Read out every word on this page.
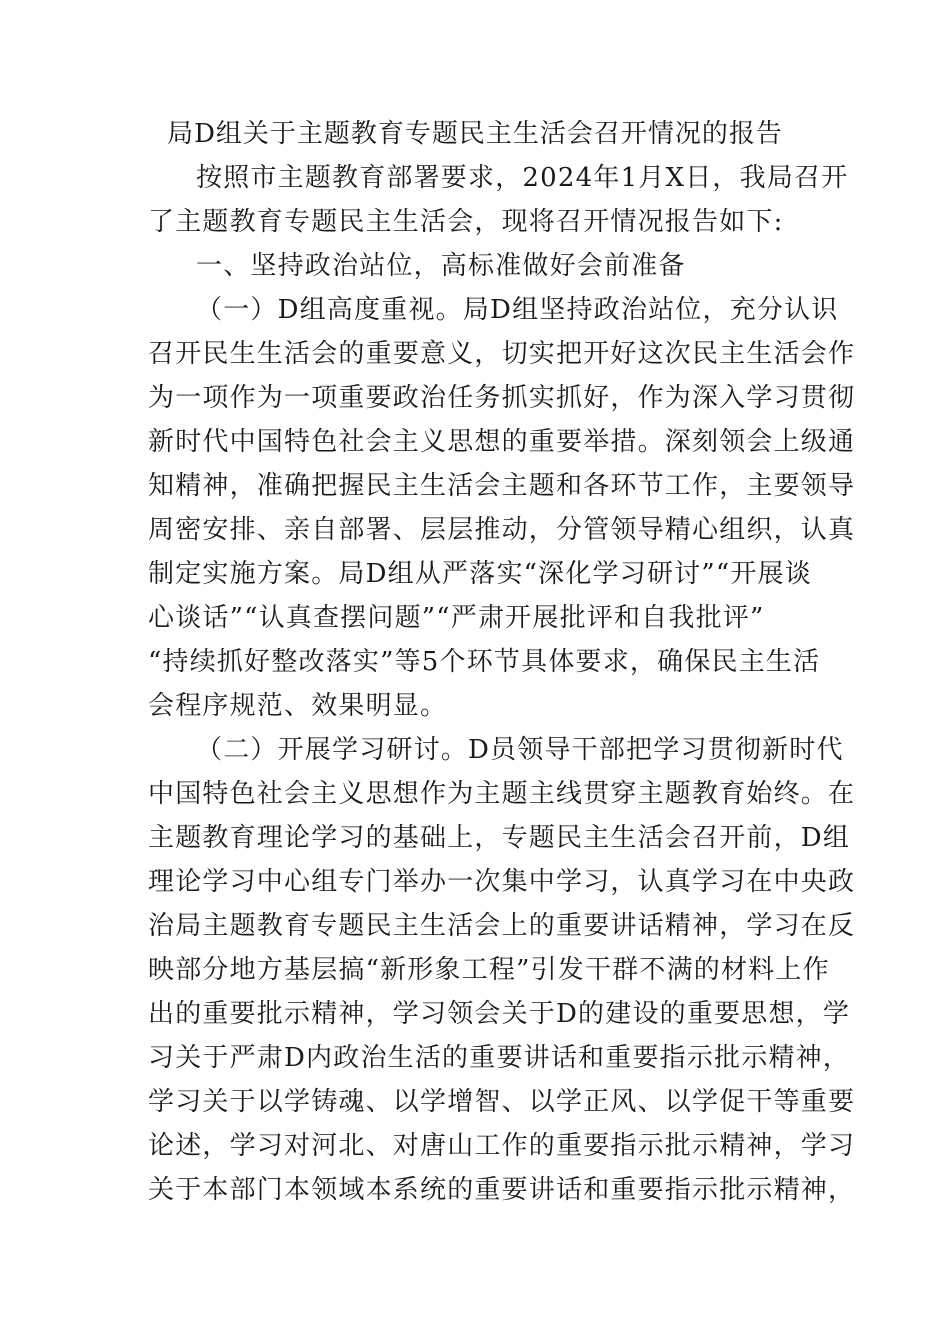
局D组关于主题教育专题民主生活会召开情况的报告

按照市主题教育部署要求，2024年1月X日，我局召开

了主题教育专题民主生活会，现将召开情况报告如下:

一、坚持政治站位，高标准做好会前准备

（一）D组高度重视。局D组坚持政治站位，充分认识

召开民生生活会的重要意义，切实把开好这次民主生活会作

为一项作为一项重要政治任务抓实抓好，作为深入学习贯彻

新时代中国特色社会主义思想的重要举措。深刻领会上级通

知精神，准确把握民主生活会主题和各环节工作，主要领导

周密安排、亲自部署、层层推动，分管领导精心组织，认真

制定实施方案。局D组从严落实“深化学习研讨”“开展谈

心谈话”“认真查摆问题”“严肃开展批评和自我批评”

“持续抓好整改落实”等5个环节具体要求，确保民主生活

会程序规范、效果明显。

（二）开展学习研讨。D员领导干部把学习贯彻新时代

中国特色社会主义思想作为主题主线贯穿主题教育始终。在

主题教育理论学习的基础上，专题民主生活会召开前，D组

理论学习中心组专门举办一次集中学习，认真学习在中央政

治局主题教育专题民主生活会上的重要讲话精神，学习在反

映部分地方基层搞“新形象工程”引发干群不满的材料上作

出的重要批示精神，学习领会关于D的建设的重要思想，学

习关于严肃D内政治生活的重要讲话和重要指示批示精神，

学习关于以学铸魂、以学增智、以学正风、以学促干等重要

论述，学习对河北、对唐山工作的重要指示批示精神，学习

关于本部门本领域本系统的重要讲话和重要指示批示精神，
